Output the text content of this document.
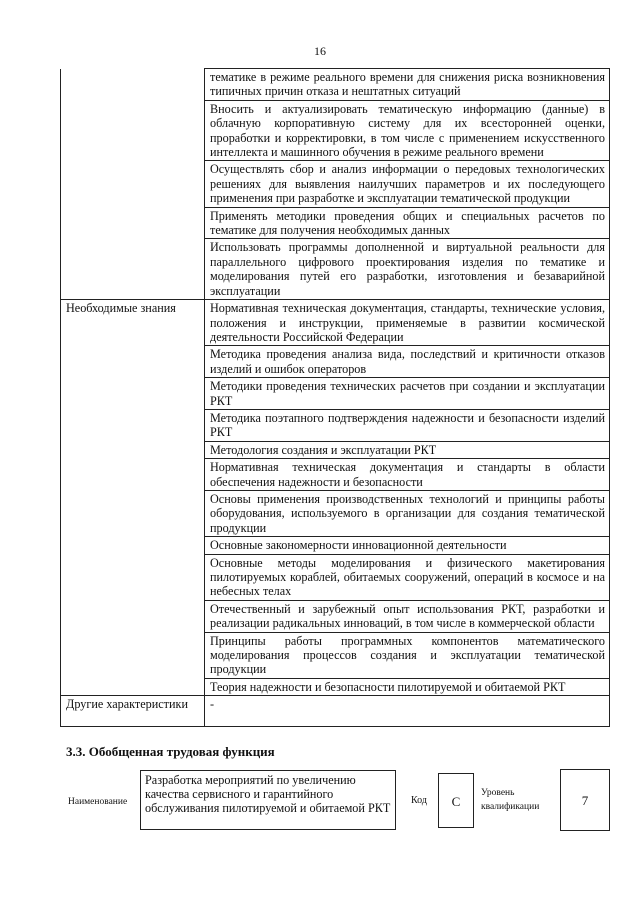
16
	тематике в режиме реального времени для снижения риска возникновения типичных причин отказа и нештатных ситуаций
	Вносить и актуализировать тематическую информацию (данные) в облачную корпоративную систему для их всесторонней оценки, проработки и корректировки, в том числе с применением искусственного интеллекта и машинного обучения в режиме реального времени
	Осуществлять сбор и анализ информации о передовых технологических решениях для выявления наилучших параметров и их последующего применения при разработке и эксплуатации тематической продукции
	Применять методики проведения общих и специальных расчетов по тематике для получения необходимых данных
	Использовать программы дополненной и виртуальной реальности для параллельного цифрового проектирования изделия по тематике и моделирования путей его разработки, изготовления и безаварийной эксплуатации
Необходимые знания	Нормативная техническая документация, стандарты, технические условия, положения и инструкции, применяемые в развитии космической деятельности Российской Федерации
	Методика проведения анализа вида, последствий и критичности отказов изделий и ошибок операторов
	Методики проведения технических расчетов при создании и эксплуатации РКТ
	Методика поэтапного подтверждения надежности и безопасности изделий РКТ
	Методология создания и эксплуатации РКТ
	Нормативная техническая документация и стандарты в области обеспечения надежности и безопасности
	Основы применения производственных технологий и принципы работы оборудования, используемого в организации для создания тематической продукции
	Основные закономерности инновационной деятельности
	Основные методы моделирования и физического макетирования пилотируемых кораблей, обитаемых сооружений, операций в космосе и на небесных телах
	Отечественный и зарубежный опыт использования РКТ, разработки и реализации радикальных инноваций, в том числе в коммерческой области
	Принципы работы программных компонентов математического моделирования процессов создания и эксплуатации тематической продукции
	Теория надежности и безопасности пилотируемой и обитаемой РКТ
Другие характеристики	-
3.3. Обобщенная трудовая функция
Наименование
Разработка мероприятий по увеличению качества сервисного и гарантийного обслуживания пилотируемой и обитаемой РКТ
Код	С
Уровень квалификации	7
